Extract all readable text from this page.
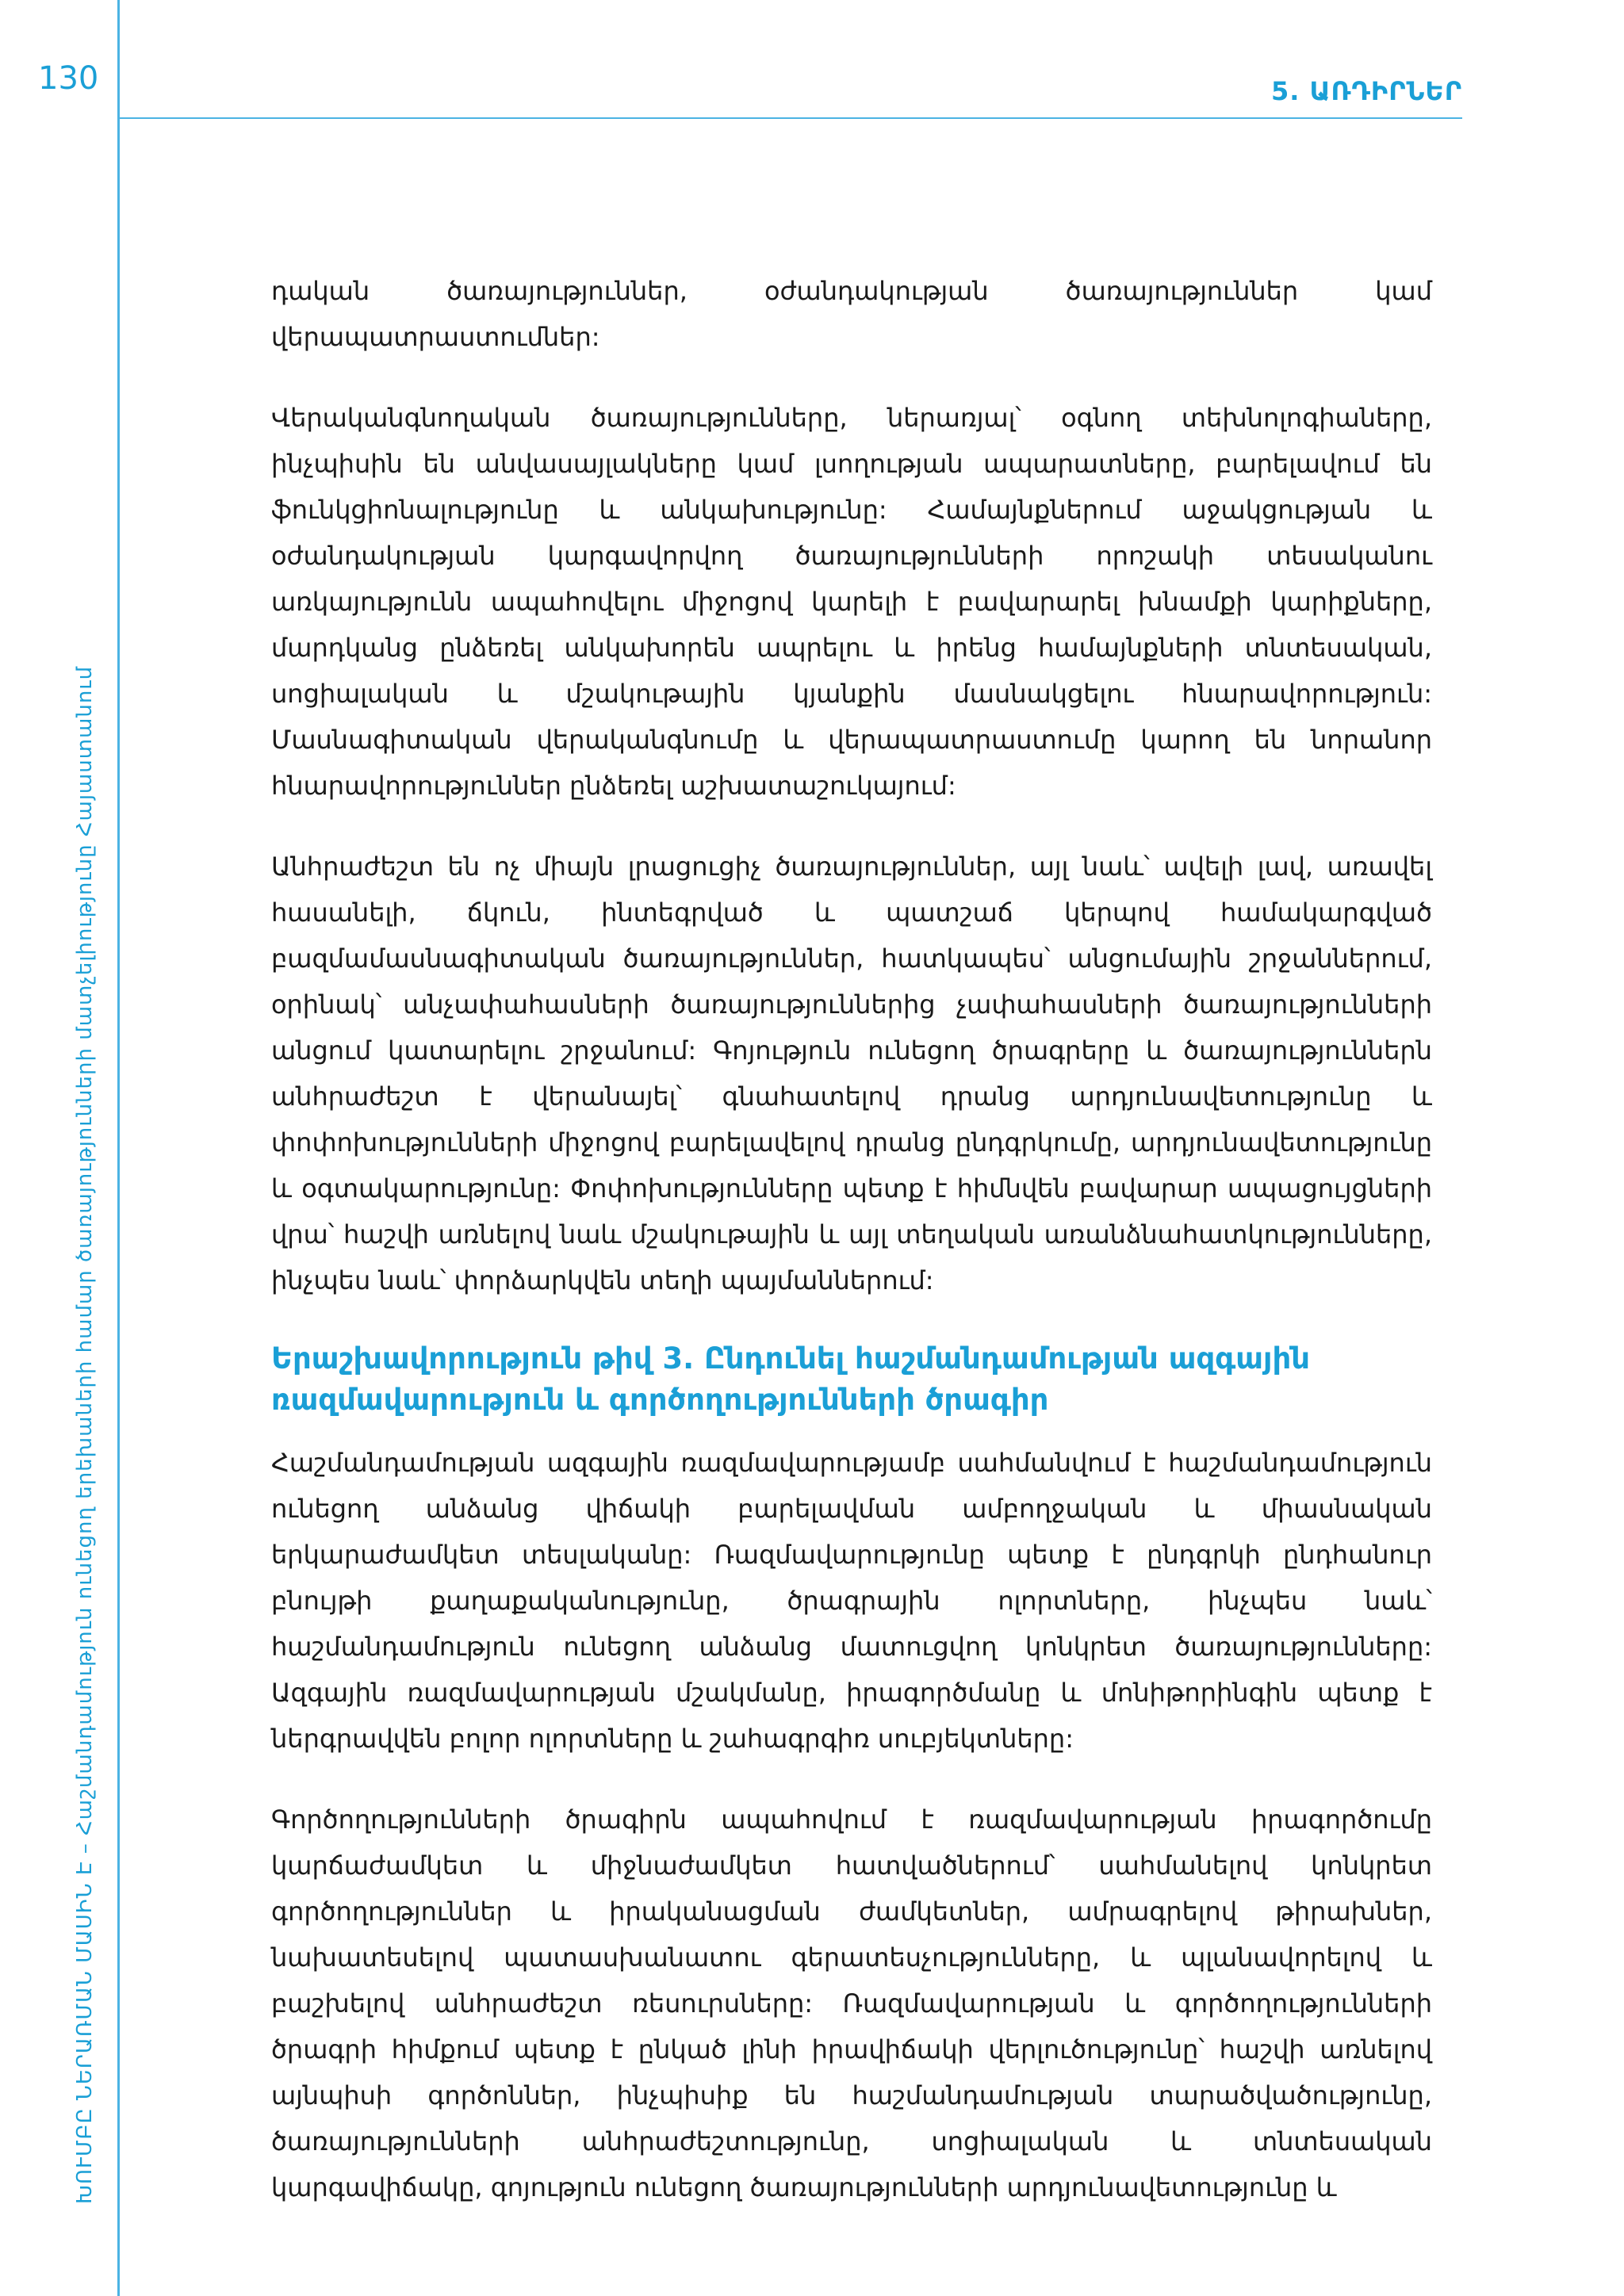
130	5. ԱՌԴԻՐՆԵՐ
ԽՈՒՄԲԸ ՆԵՐԱՌՄԱՆ ՄԱՍԻՆ Է – Հաշմանդամություն ունեցող երեխաների համար ծառայությունների մատչելիությունը Հայաստանում

դական ծառայություններ, օժանդակության ծառայություններ կամ վերապատրաստումներ:

Վերականգնողական ծառայությունները, ներառյալ՝ օգնող տեխնոլոգիաները, ինչպիսին են անվասայլակները կամ լսողության ապարատները, բարելավում են ֆունկցիոնալությունը և անկախությունը: Համայնքներում աջակցության և օժանդակության կարգավորվող ծառայությունների որոշակի տեսականու առկայությունն ապահովելու միջոցով կարելի է բավարարել խնամքի կարիքները, մարդկանց ընձեռել անկախորեն ապրելու և իրենց համայնքների տնտեսական, սոցիալական և մշակութային կյանքին մասնակցելու հնարավորություն: Մասնագիտական վերականգնումը և վերապատրաստումը կարող են նորանոր հնարավորություններ ընձեռել աշխատաշուկայում:

Անհրաժեշտ են ոչ միայն լրացուցիչ ծառայություններ, այլ նաև՝ ավելի լավ, առավել հասանելի, ճկուն, ինտեգրված և պատշաճ կերպով համակարգված բազմամասնագիտական ծառայություններ, հատկապես՝ անցումային շրջաններում, օրինակ՝ անչափահասների ծառայություններից չափահասների ծառայությունների անցում կատարելու շրջանում: Գոյություն ունեցող ծրագրերը և ծառայություններն անհրաժեշտ է վերանայել՝ գնահատելով դրանց արդյունավետությունը և փոփոխությունների միջոցով բարելավելով դրանց ընդգրկումը, արդյունավետությունը և օգտակարությունը: Փոփոխությունները պետք է հիմնվեն բավարար ապացույցների վրա՝ հաշվի առնելով նաև մշակութային և այլ տեղական առանձնահատկությունները, ինչպես նաև՝ փորձարկվեն տեղի պայմաններում:

Երաշխավորություն թիվ 3. Ընդունել հաշմանդամության ազգային ռազմավարություն և գործողությունների ծրագիր

Հաշմանդամության ազգային ռազմավարությամբ սահմանվում է հաշմանդամություն ունեցող անձանց վիճակի բարելավման ամբողջական և միասնական երկարաժամկետ տեսլականը: Ռազմավարությունը պետք է ընդգրկի ընդհանուր բնույթի քաղաքականությունը, ծրագրային ոլորտները, ինչպես նաև՝ հաշմանդամություն ունեցող անձանց մատուցվող կոնկրետ ծառայությունները: Ազգային ռազմավարության մշակմանը, իրագործմանը և մոնիթորինգին պետք է ներգրավվեն բոլոր ոլորտները և շահագրգիռ սուբյեկտները:

Գործողությունների ծրագիրն ապահովում է ռազմավարության իրագործումը կարճաժամկետ և միջնաժամկետ հատվածներում՝ սահմանելով կոնկրետ գործողություններ և իրականացման ժամկետներ, ամրագրելով թիրախներ, նախատեսելով պատասխանատու գերատեսչությունները, և պլանավորելով և բաշխելով անհրաժեշտ ռեսուրսները: Ռազմավարության և գործողությունների ծրագրի հիմքում պետք է ընկած լինի իրավիճակի վերլուծությունը՝ հաշվի առնելով այնպիսի գործոններ, ինչպիսիք են հաշմանդամության տարածվածությունը, ծառայությունների անհրաժեշտությունը, սոցիալական և տնտեսական կարգավիճակը, գոյություն ունեցող ծառայությունների արդյունավետությունը և
